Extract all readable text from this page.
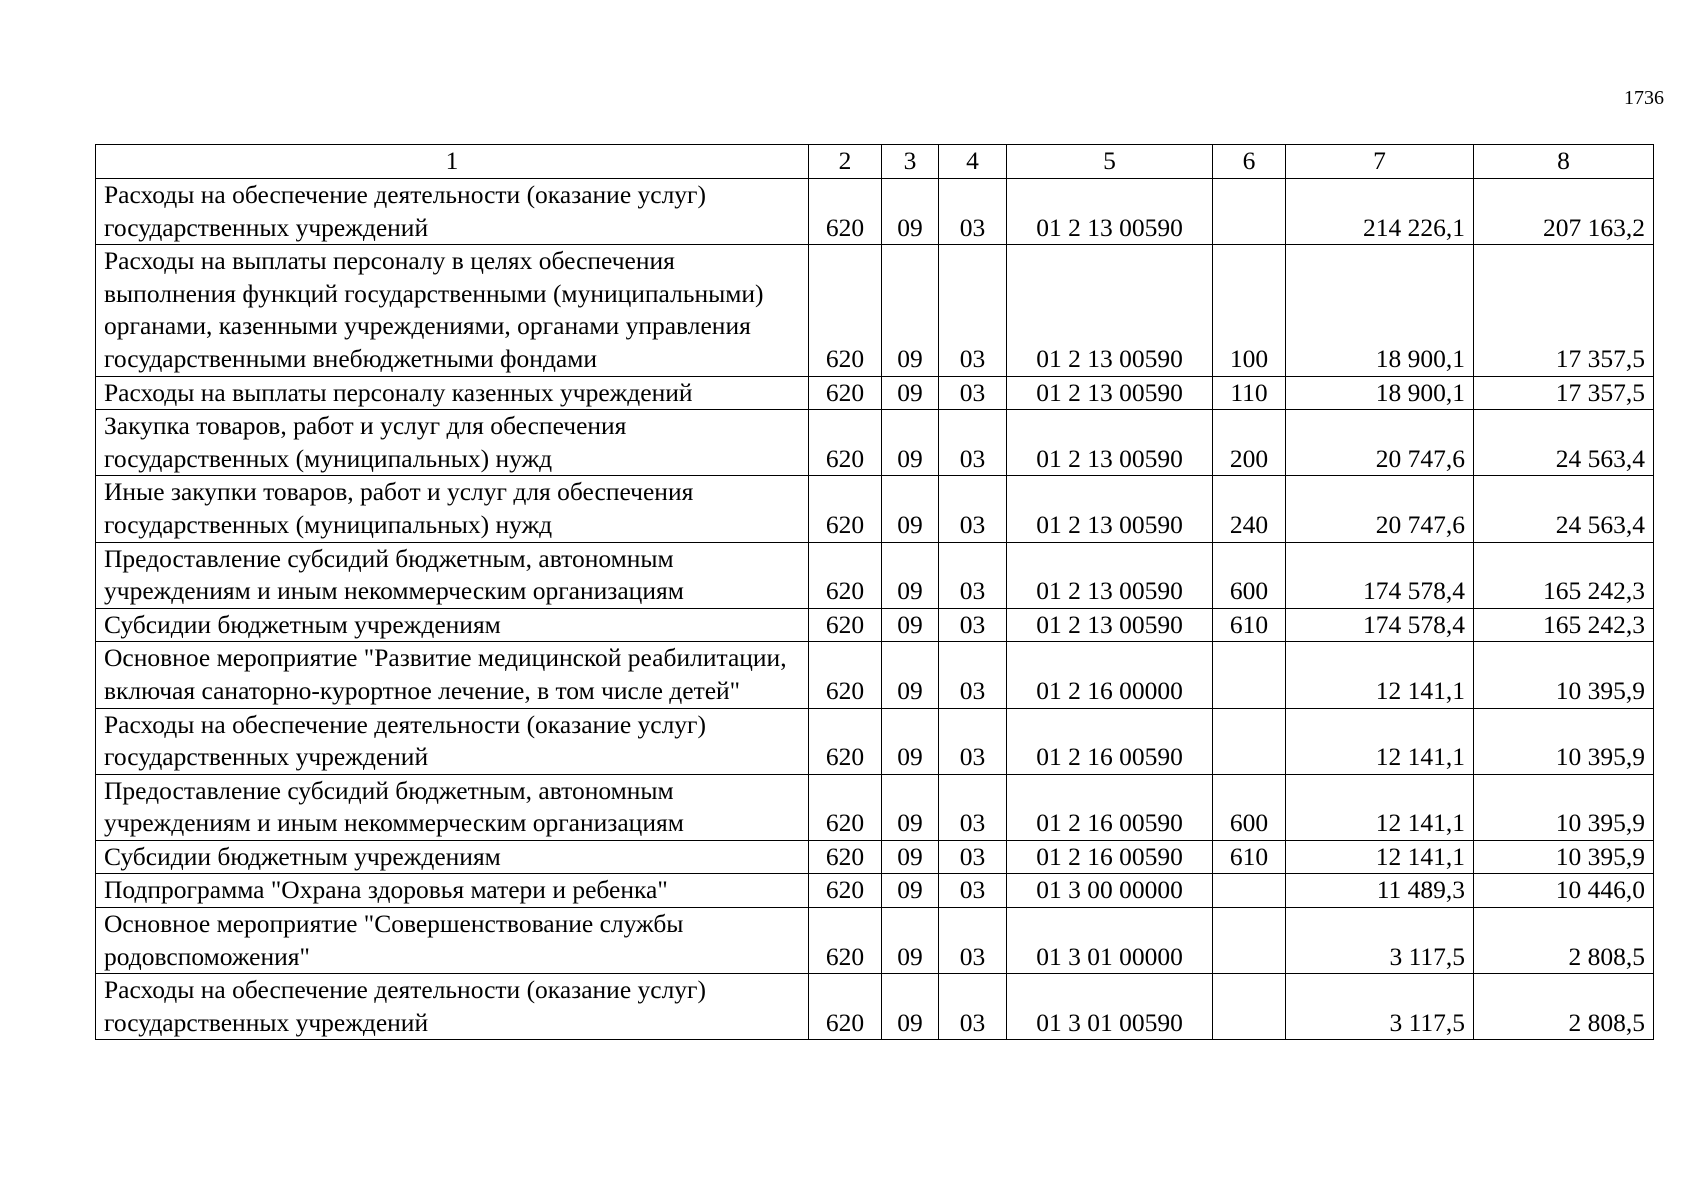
1736
1	2	3	4	5	6	7	8
Расходы на обеспечение деятельности (оказание услуг) государственных учреждений	620	09	03	01 2 13 00590		214 226,1	207 163,2
Расходы на выплаты персоналу в целях обеспечения выполнения функций государственными (муниципальными) органами, казенными учреждениями, органами управления государственными внебюджетными фондами	620	09	03	01 2 13 00590	100	18 900,1	17 357,5
Расходы на выплаты персоналу казенных учреждений	620	09	03	01 2 13 00590	110	18 900,1	17 357,5
Закупка товаров, работ и услуг для обеспечения государственных (муниципальных) нужд	620	09	03	01 2 13 00590	200	20 747,6	24 563,4
Иные закупки товаров, работ и услуг для обеспечения государственных (муниципальных) нужд	620	09	03	01 2 13 00590	240	20 747,6	24 563,4
Предоставление субсидий бюджетным, автономным учреждениям и иным некоммерческим организациям	620	09	03	01 2 13 00590	600	174 578,4	165 242,3
Субсидии бюджетным учреждениям	620	09	03	01 2 13 00590	610	174 578,4	165 242,3
Основное мероприятие "Развитие медицинской реабилитации, включая санаторно-курортное лечение, в том числе детей"	620	09	03	01 2 16 00000		12 141,1	10 395,9
Расходы на обеспечение деятельности (оказание услуг) государственных учреждений	620	09	03	01 2 16 00590		12 141,1	10 395,9
Предоставление субсидий бюджетным, автономным учреждениям и иным некоммерческим организациям	620	09	03	01 2 16 00590	600	12 141,1	10 395,9
Субсидии бюджетным учреждениям	620	09	03	01 2 16 00590	610	12 141,1	10 395,9
Подпрограмма "Охрана здоровья матери и ребенка"	620	09	03	01 3 00 00000		11 489,3	10 446,0
Основное мероприятие "Совершенствование службы родовспоможения"	620	09	03	01 3 01 00000		3 117,5	2 808,5
Расходы на обеспечение деятельности (оказание услуг) государственных учреждений	620	09	03	01 3 01 00590		3 117,5	2 808,5
